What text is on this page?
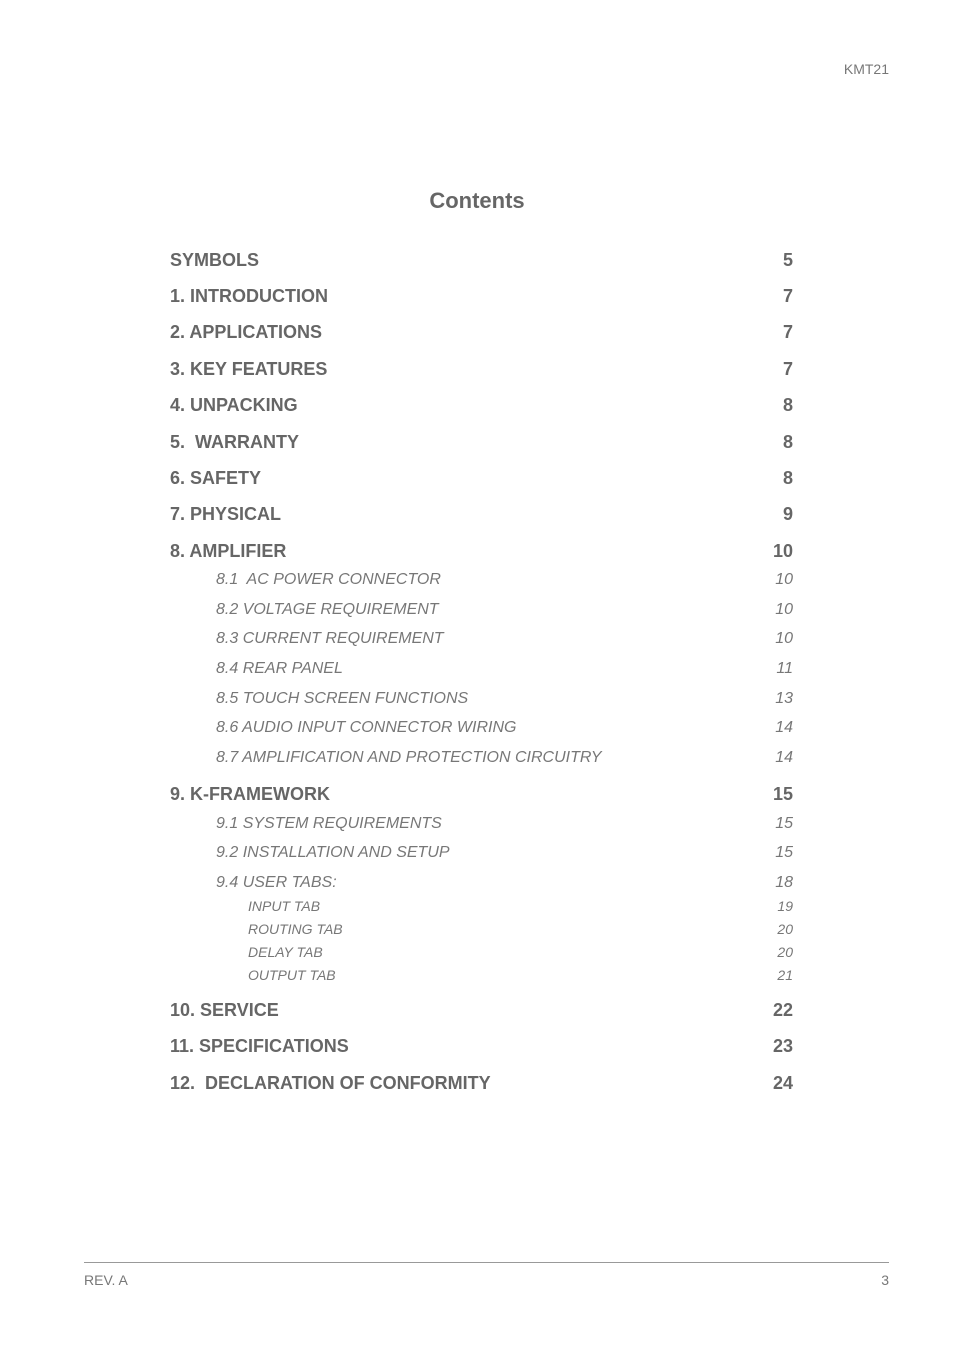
KMT21
Contents
SYMBOLS	5
1. INTRODUCTION	7
2. APPLICATIONS	7
3. KEY FEATURES	7
4. UNPACKING	8
5.  WARRANTY	8
6. SAFETY	8
7. PHYSICAL	9
8. AMPLIFIER	10
8.1  AC POWER CONNECTOR	10
8.2 VOLTAGE REQUIREMENT	10
8.3 CURRENT REQUIREMENT	10
8.4 REAR PANEL	11
8.5 TOUCH SCREEN FUNCTIONS	13
8.6 AUDIO INPUT CONNECTOR WIRING	14
8.7 AMPLIFICATION AND PROTECTION CIRCUITRY	14
9. K-FRAMEWORK	15
9.1 SYSTEM REQUIREMENTS	15
9.2 INSTALLATION AND SETUP	15
9.4 USER TABS:	18
INPUT TAB	19
ROUTING TAB	20
DELAY TAB	20
OUTPUT TAB	21
10. SERVICE	22
11. SPECIFICATIONS	23
12.  DECLARATION OF CONFORMITY	24
REV. A	3
